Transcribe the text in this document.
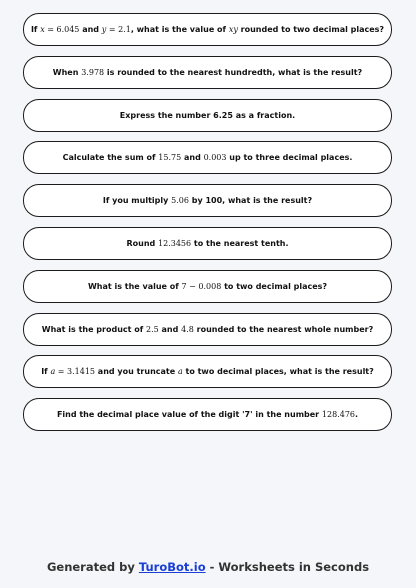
If x = 6.045 and y = 2.1, what is the value of xy rounded to two decimal places?
When 3.978 is rounded to the nearest hundredth, what is the result?
Express the number 6.25 as a fraction.
Calculate the sum of 15.75 and 0.003 up to three decimal places.
If you multiply 5.06 by 100, what is the result?
Round 12.3456 to the nearest tenth.
What is the value of 7 − 0.008 to two decimal places?
What is the product of 2.5 and 4.8 rounded to the nearest whole number?
If a = 3.1415 and you truncate a to two decimal places, what is the result?
Find the decimal place value of the digit '7' in the number 128.476.
Generated by TuroBot.io - Worksheets in Seconds
